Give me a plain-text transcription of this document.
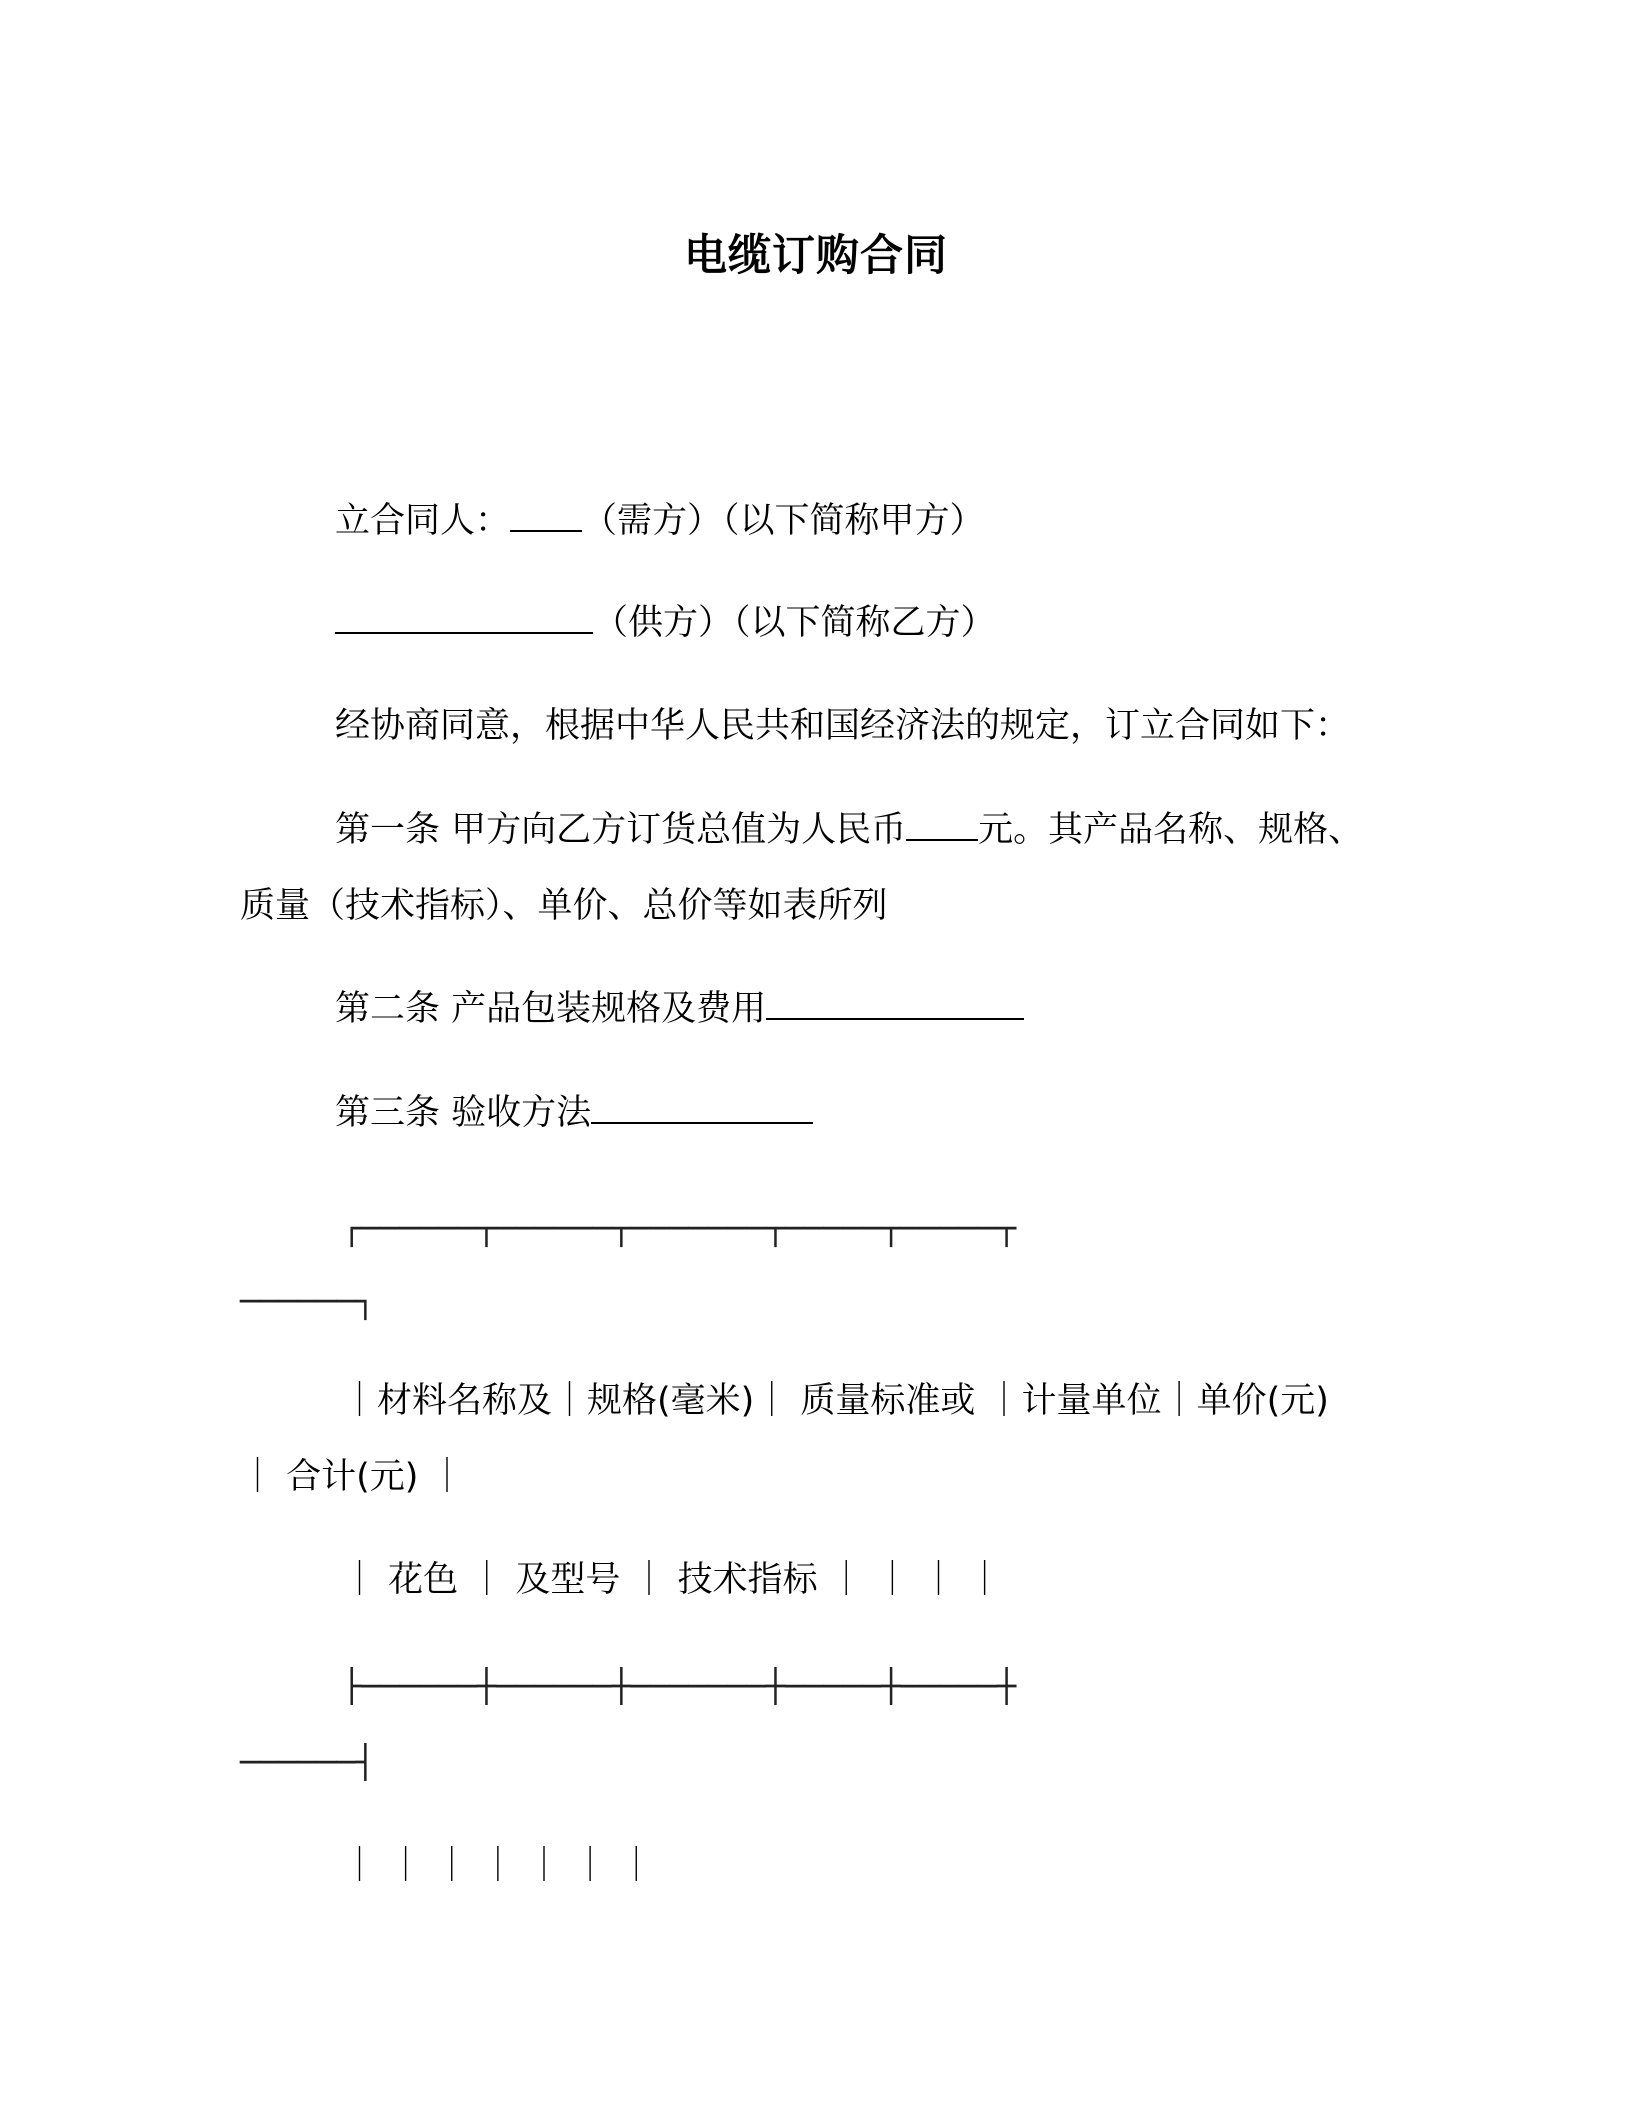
电缆订购合同
立合同人： （需方）（以下简称甲方）
（供方）（以下简称乙方）
经协商同意，根据中华人民共和国经济法的规定，订立合同如下：
第一条 甲方向乙方订货总值为人民币 元。其产品名称、规格、
质量（技术指标）、单价、总价等如表所列
第二条 产品包装规格及费用
第三条 验收方法
┌──────┬──────┬───────┬─────┬─────┬
──────┐
｜材料名称及｜规格(毫米)｜ 质量标准或 ｜计量单位｜单价(元)
｜ 合计(元) ｜
｜ 花色 ｜ 及型号 ｜ 技术指标 ｜ ｜ ｜ ｜
├──────┼──────┼───────┼─────┼─────┼
──────┤
｜ ｜ ｜ ｜ ｜ ｜ ｜
